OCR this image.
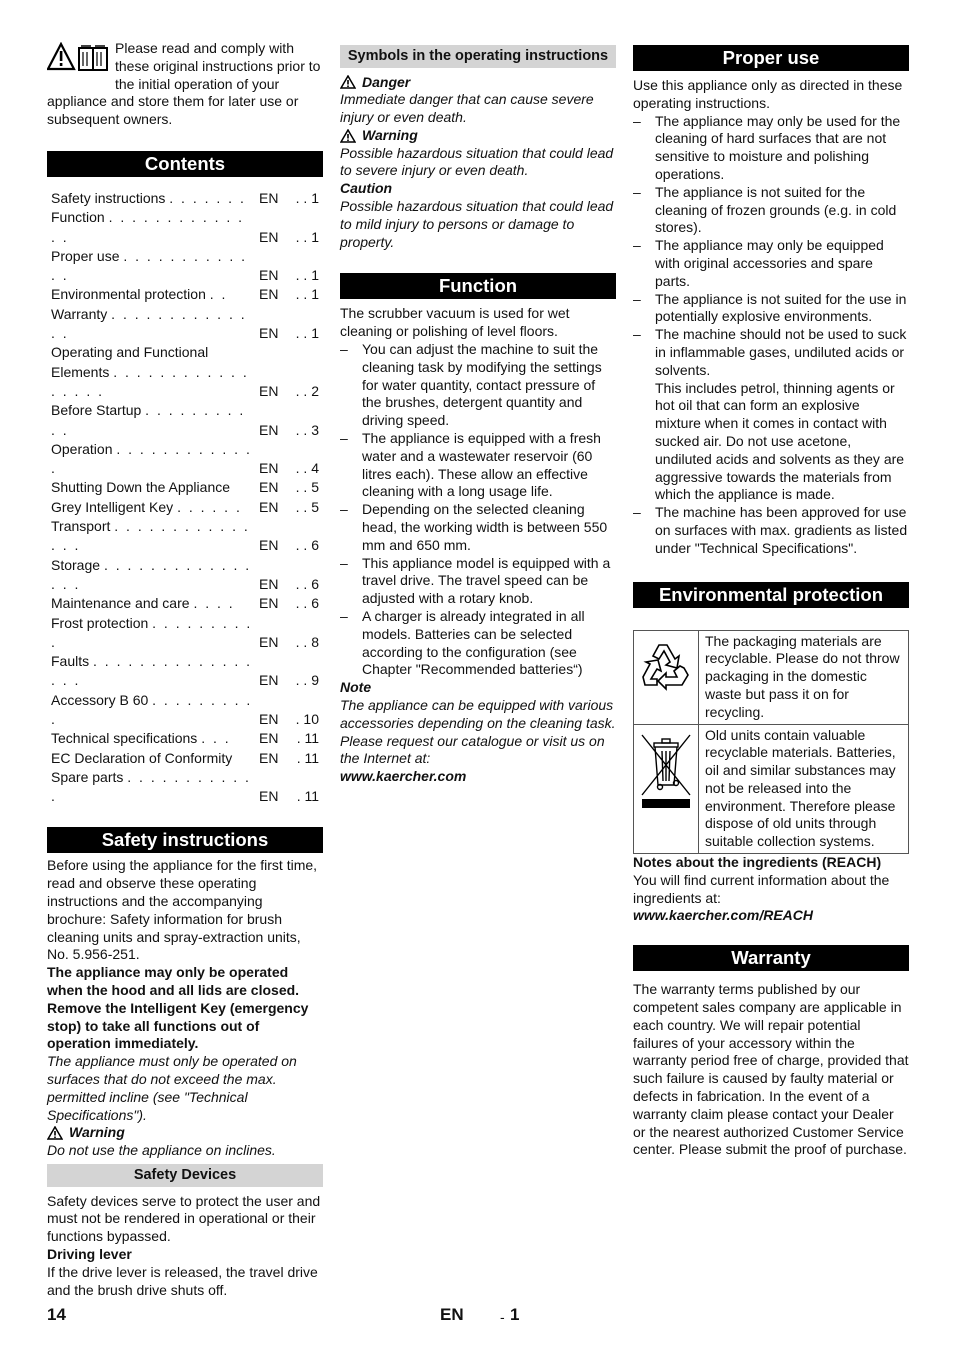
Please read and comply with these original instructions prior to the initial operation of your appliance and store them for later use or subsequent owners.

Contents
Safety instructions . . . . . . .	EN	. . 1
Function . . . . . . . . . . . . . .	EN	. . 1
Proper use . . . . . . . . . . . . .	EN	. . 1
Environmental protection . .	EN	. . 1
Warranty . . . . . . . . . . . . . .	EN	. . 1
Operating and Functional Elements . . . . . . . . . . . . . . . . .	EN	. . 2
Before Startup . . . . . . . . . . .	EN	. . 3
Operation . . . . . . . . . . . . .	EN	. . 4
Shutting Down the Appliance	EN	. . 5
Grey Intelligent Key . . . . . .	EN	. . 5
Transport . . . . . . . . . . . . . . .	EN	. . 6
Storage . . . . . . . . . . . . . . . .	EN	. . 6
Maintenance and care . . . .	EN	. . 6
Frost protection . . . . . . . . . .	EN	. . 8
Faults . . . . . . . . . . . . . . . . .	EN	. . 9
Accessory B 60 . . . . . . . . . .	EN	. 10
Technical specifications . . .	EN	. 11
EC Declaration of Conformity	EN	. 11
Spare parts . . . . . . . . . . . .	EN	. 11
Safety instructions

Before using the appliance for the first time, read and observe these operating instructions and the accompanying brochure: Safety information for brush cleaning units and spray-extraction units, No. 5.956-251.

The appliance may only be operated when the hood and all lids are closed.

Remove the Intelligent Key (emergency stop) to take all functions out of operation immediately.

The appliance must only be operated on surfaces that do not exceed the max. permitted incline (see "Technical Specifications").

Warning

Do not use the appliance on inclines.

Safety Devices

Safety devices serve to protect the user and must not be rendered in operational or their functions bypassed.

Driving lever

If the drive lever is released, the travel drive and the brush drive shuts off.

Symbols in the operating instructions
Danger

Immediate danger that can cause severe injury or even death.

Warning

Possible hazardous situation that could lead to severe injury or even death.

Caution

Possible hazardous situation that could lead to mild injury to persons or damage to property.

Function

The scrubber vacuum is used for wet cleaning or polishing of level floors.

– You can adjust the machine to suit the cleaning task by modifying the settings for water quantity, contact pressure of the brushes, detergent quantity and driving speed.
– The appliance is equipped with a fresh water and a wastewater reservoir (60 litres each). These allow an effective cleaning with a long usage life.
– Depending on the selected cleaning head, the working width is between 550 mm and 650 mm.
– This appliance model is equipped with a travel drive. The travel speed can be adjusted with a rotary knob.
– A charger is already integrated in all models. Batteries can be selected according to the configuration (see Chapter "Recommended batteries“)

Note

The appliance can be equipped with various accessories depending on the cleaning task.

Please request our catalogue or visit us on the Internet at:

www.kaercher.com

Proper use

Use this appliance only as directed in these operating instructions.

– The appliance may only be used for the cleaning of hard surfaces that are not sensitive to moisture and polishing operations.
– The appliance is not suited for the cleaning of frozen grounds (e.g. in cold stores).
– The appliance may only be equipped with original accessories and spare parts.
– The appliance is not suited for the use in potentially explosive environments.
– The machine should not be used to suck in inflammable gases, undiluted acids or solvents.

This includes petrol, thinning agents or hot oil that can form an explosive mixture when it comes in contact with sucked air. Do not use acetone, undiluted acids and solvents as they are aggressive towards the materials from which the appliance is made.

– The machine has been approved for use on surfaces with max. gradients as listed under "Technical Specifications".
Environmental protection
	The packaging materials are recyclable. Please do not throw packaging in the domestic waste but pass it on for recycling.
	Old units contain valuable recyclable materials. Batteries, oil and similar substances may not be released into the environment. Therefore please dispose of old units through suitable collection systems.

Notes about the ingredients (REACH)

You will find current information about the ingredients at:

www.kaercher.com/REACH

Warranty

The warranty terms published by our competent sales company are applicable in each country. We will repair potential failures of your accessory within the warranty period free of charge, provided that such failure is caused by faulty material or defects in fabrication. In the event of a warranty claim please contact your Dealer or the nearest authorized Customer Service center. Please submit the proof of purchase.

14	EN	- 1
